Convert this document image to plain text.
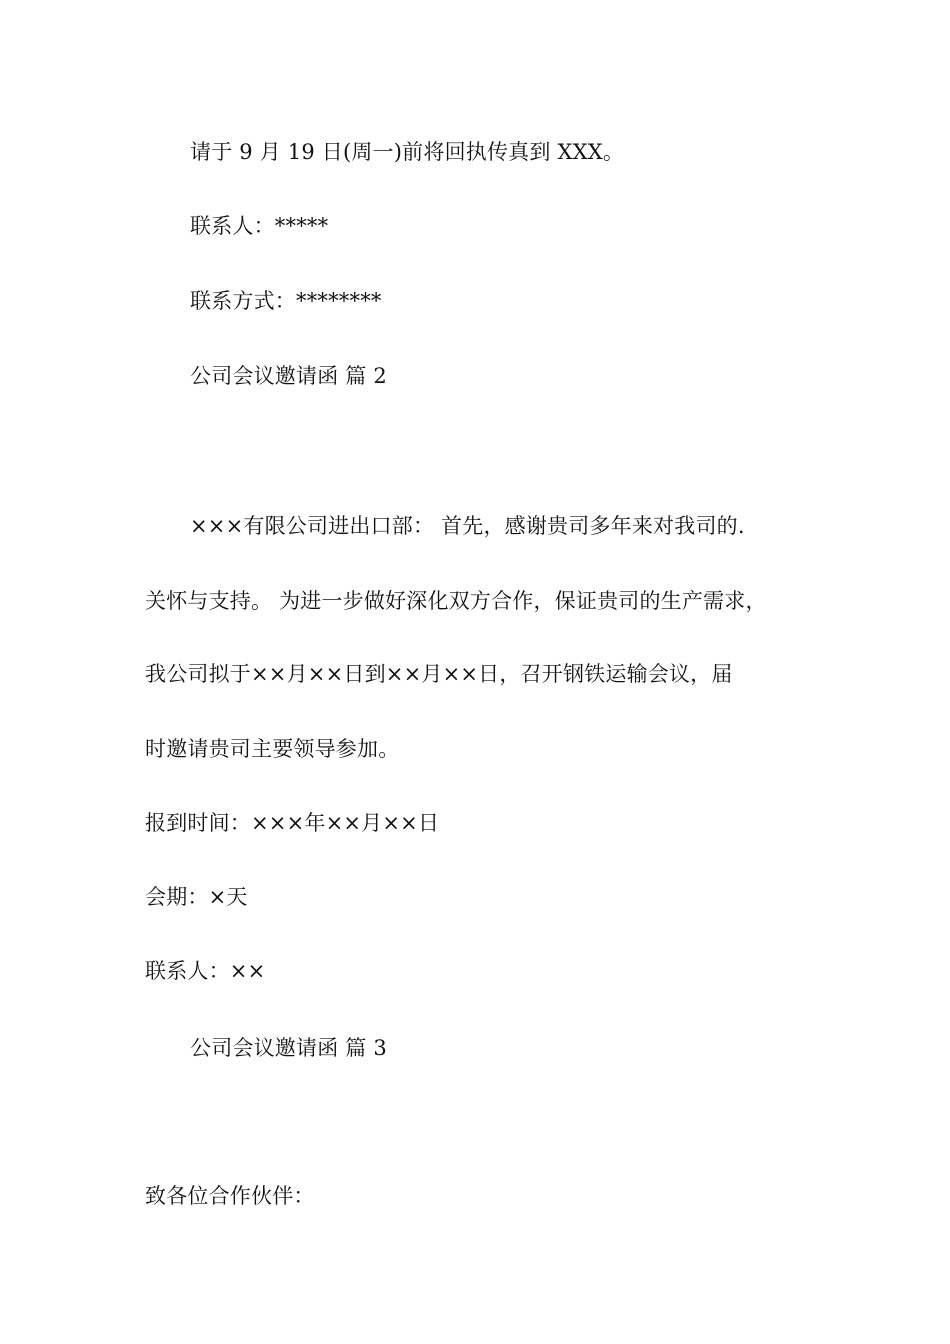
请于 9 月 19 日(周一)前将回执传真到 XXX。
联系人：*****
联系方式：********
公司会议邀请函 篇 2
×××有限公司进出口部： 首先，感谢贵司多年来对我司的.
关怀与支持。 为进一步做好深化双方合作，保证贵司的生产需求，
我公司拟于××月××日到××月××日，召开钢铁运输会议，届
时邀请贵司主要领导参加。
报到时间：×××年××月××日
会期：×天
联系人：××
公司会议邀请函 篇 3
致各位合作伙伴：
